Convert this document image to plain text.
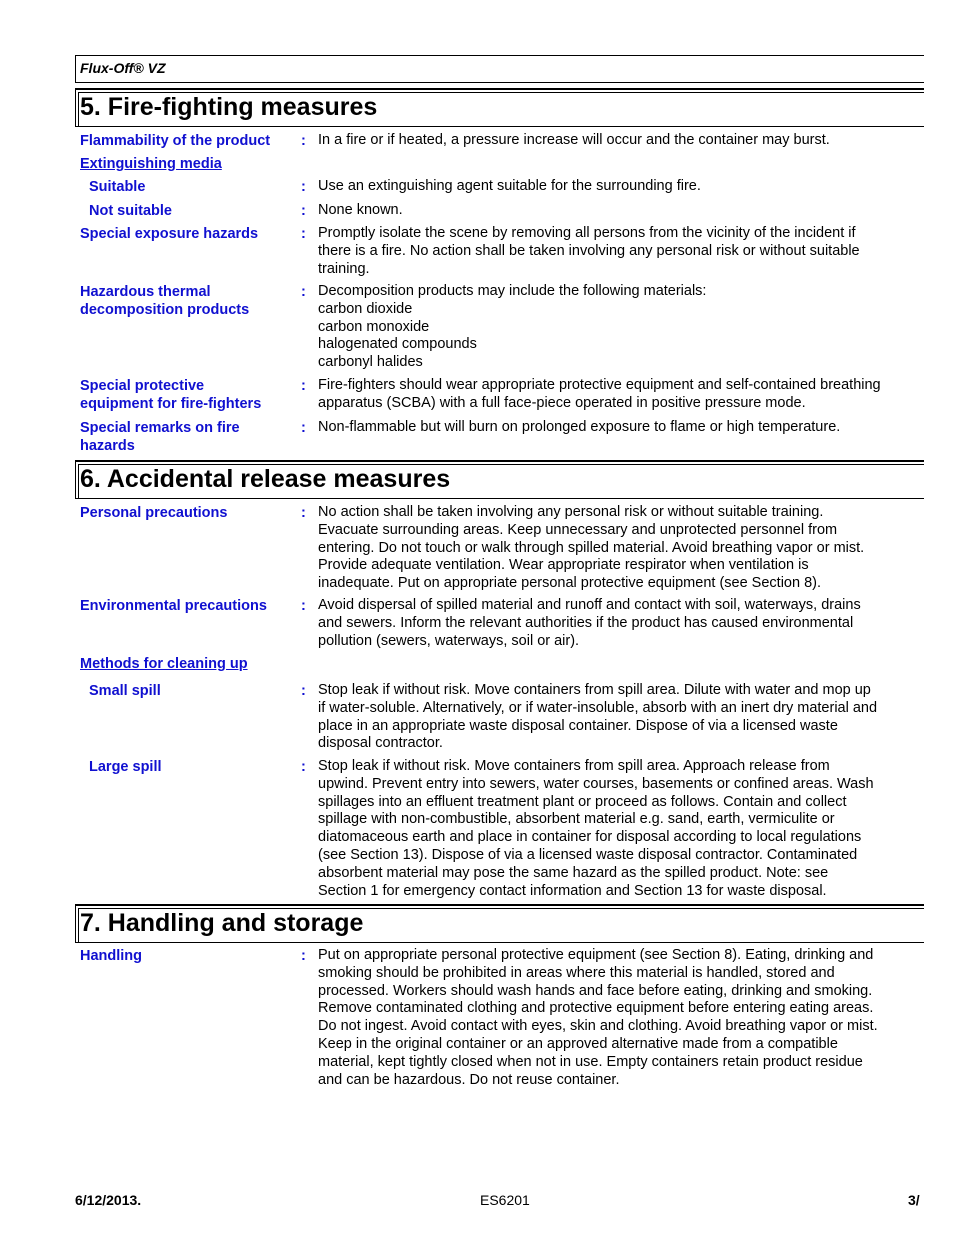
Flux-Off® VZ
5. Fire-fighting measures
Flammability of the product : In a fire or if heated, a pressure increase will occur and the container may burst.
Extinguishing media
Suitable	: Use an extinguishing agent suitable for the surrounding fire.
Not suitable	: None known.
Special exposure hazards	: Promptly isolate the scene by removing all persons from the vicinity of the incident if
there is a fire. No action shall be taken involving any personal risk or without suitable
training.
Hazardous thermal
decomposition products
: Decomposition products may include the following materials:
carbon dioxide
carbon monoxide
halogenated compounds
carbonyl halides
Special protective
equipment for fire-fighters
: Fire-fighters should wear appropriate protective equipment and self-contained breathing
apparatus (SCBA) with a full face-piece operated in positive pressure mode.
Special remarks on fire
hazards
: Non-flammable but will burn on prolonged exposure to flame or high temperature.
6. Accidental release measures
Personal precautions	: No action shall be taken involving any personal risk or without suitable training.
Evacuate surrounding areas. Keep unnecessary and unprotected personnel from
entering. Do not touch or walk through spilled material. Avoid breathing vapor or mist.
Provide adequate ventilation. Wear appropriate respirator when ventilation is
inadequate. Put on appropriate personal protective equipment (see Section 8).
Environmental precautions : Avoid dispersal of spilled material and runoff and contact with soil, waterways, drains
and sewers. Inform the relevant authorities if the product has caused environmental
pollution (sewers, waterways, soil or air).
Methods for cleaning up
Small spill	: Stop leak if without risk. Move containers from spill area. Dilute with water and mop up
if water-soluble. Alternatively, or if water-insoluble, absorb with an inert dry material and
place in an appropriate waste disposal container. Dispose of via a licensed waste
disposal contractor.
Large spill	: Stop leak if without risk. Move containers from spill area. Approach release from
upwind. Prevent entry into sewers, water courses, basements or confined areas. Wash
spillages into an effluent treatment plant or proceed as follows. Contain and collect
spillage with non-combustible, absorbent material e.g. sand, earth, vermiculite or
diatomaceous earth and place in container for disposal according to local regulations
(see Section 13). Dispose of via a licensed waste disposal contractor. Contaminated
absorbent material may pose the same hazard as the spilled product. Note: see
Section 1 for emergency contact information and Section 13 for waste disposal.
7. Handling and storage
Handling	: Put on appropriate personal protective equipment (see Section 8). Eating, drinking and
smoking should be prohibited in areas where this material is handled, stored and
processed. Workers should wash hands and face before eating, drinking and smoking.
Remove contaminated clothing and protective equipment before entering eating areas.
Do not ingest. Avoid contact with eyes, skin and clothing. Avoid breathing vapor or mist.
Keep in the original container or an approved alternative made from a compatible
material, kept tightly closed when not in use. Empty containers retain product residue
and can be hazardous. Do not reuse container.
6/12/2013.	ES6201	3/
